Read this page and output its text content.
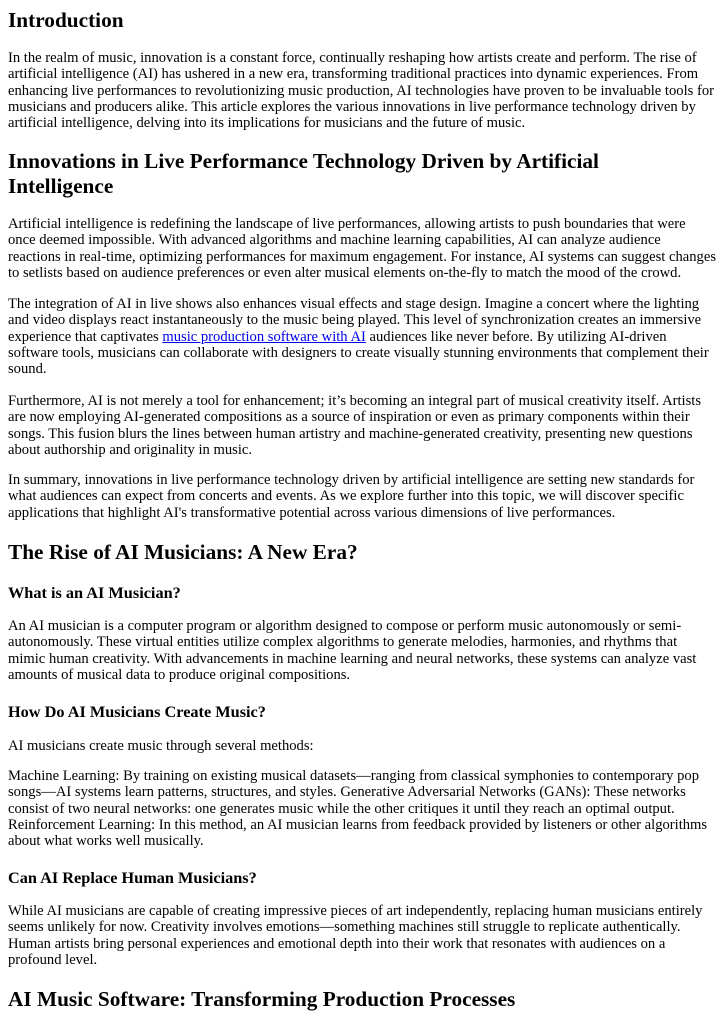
Introduction

In the realm of music, innovation is a constant force, continually reshaping how artists create and perform. The rise of artificial intelligence (AI) has ushered in a new era, transforming traditional practices into dynamic experiences. From enhancing live performances to revolutionizing music production, AI technologies have proven to be invaluable tools for musicians and producers alike. This article explores the various innovations in live performance technology driven by artificial intelligence, delving into its implications for musicians and the future of music.

Innovations in Live Performance Technology Driven by Artificial Intelligence

Artificial intelligence is redefining the landscape of live performances, allowing artists to push boundaries that were once deemed impossible. With advanced algorithms and machine learning capabilities, AI can analyze audience reactions in real-time, optimizing performances for maximum engagement. For instance, AI systems can suggest changes to setlists based on audience preferences or even alter musical elements on-the-fly to match the mood of the crowd.

The integration of AI in live shows also enhances visual effects and stage design. Imagine a concert where the lighting and video displays react instantaneously to the music being played. This level of synchronization creates an immersive experience that captivates music production software with AI audiences like never before. By utilizing AI-driven software tools, musicians can collaborate with designers to create visually stunning environments that complement their sound.

Furthermore, AI is not merely a tool for enhancement; it’s becoming an integral part of musical creativity itself. Artists are now employing AI-generated compositions as a source of inspiration or even as primary components within their songs. This fusion blurs the lines between human artistry and machine-generated creativity, presenting new questions about authorship and originality in music.

In summary, innovations in live performance technology driven by artificial intelligence are setting new standards for what audiences can expect from concerts and events. As we explore further into this topic, we will discover specific applications that highlight AI's transformative potential across various dimensions of live performances.

The Rise of AI Musicians: A New Era?
What is an AI Musician?

An AI musician is a computer program or algorithm designed to compose or perform music autonomously or semi-autonomously. These virtual entities utilize complex algorithms to generate melodies, harmonies, and rhythms that mimic human creativity. With advancements in machine learning and neural networks, these systems can analyze vast amounts of musical data to produce original compositions.

How Do AI Musicians Create Music?

AI musicians create music through several methods:

Machine Learning: By training on existing musical datasets—ranging from classical symphonies to contemporary pop songs—AI systems learn patterns, structures, and styles. Generative Adversarial Networks (GANs): These networks consist of two neural networks: one generates music while the other critiques it until they reach an optimal output. Reinforcement Learning: In this method, an AI musician learns from feedback provided by listeners or other algorithms about what works well musically.

Can AI Replace Human Musicians?

While AI musicians are capable of creating impressive pieces of art independently, replacing human musicians entirely seems unlikely for now. Creativity involves emotions—something machines still struggle to replicate authentically. Human artists bring personal experiences and emotional depth into their work that resonates with audiences on a profound level.

AI Music Software: Transforming Production Processes
